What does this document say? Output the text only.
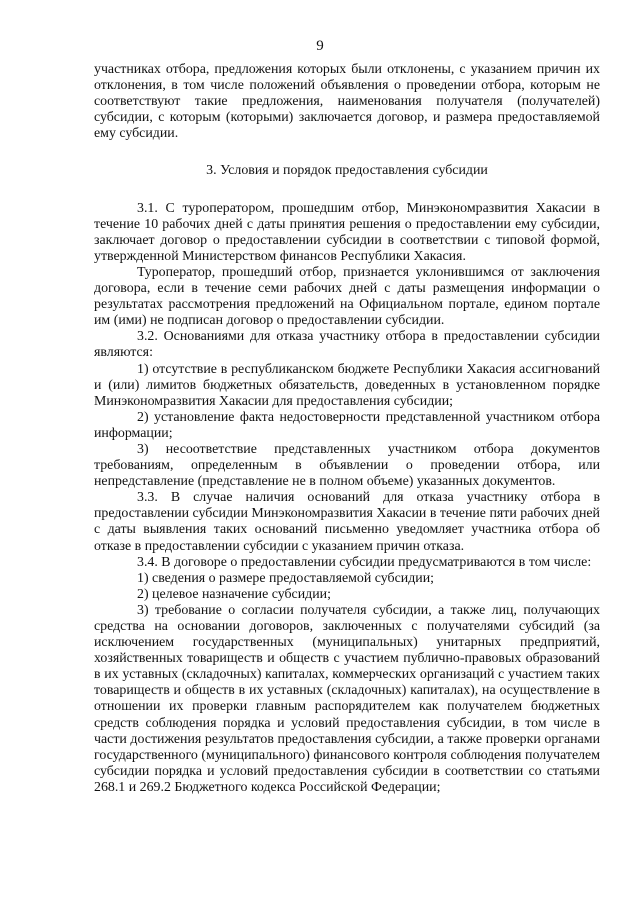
9

участниках отбора, предложения которых были отклонены, с указанием причин их отклонения, в том числе положений объявления о проведении отбора, которым не соответствуют такие предложения, наименования получателя (получателей) субсидии, с которым (которыми) заключается договор, и размера предоставляемой ему субсидии.

3. Условия и порядок предоставления субсидии

3.1. С туроператором, прошедшим отбор, Минэкономразвития Хакасии в течение 10 рабочих дней с даты принятия решения о предоставлении ему субсидии, заключает договор о предоставлении субсидии в соответствии с типовой формой, утвержденной Министерством финансов Республики Хакасия.

Туроператор, прошедший отбор, признается уклонившимся от заключения договора, если в течение семи рабочих дней с даты размещения информации о результатах рассмотрения предложений на Официальном портале, едином портале им (ими) не подписан договор о предоставлении субсидии.

3.2. Основаниями для отказа участнику отбора в предоставлении субсидии являются:

1) отсутствие в республиканском бюджете Республики Хакасия ассигнований и (или) лимитов бюджетных обязательств, доведенных в установленном порядке Минэкономразвития Хакасии для предоставления субсидии;

2) установление факта недостоверности представленной участником отбора информации;

3) несоответствие представленных участником отбора документов требованиям, определенным в объявлении о проведении отбора, или непредставление (представление не в полном объеме) указанных документов.

3.3. В случае наличия оснований для отказа участнику отбора в предоставлении субсидии Минэкономразвития Хакасии в течение пяти рабочих дней с даты выявления таких оснований письменно уведомляет участника отбора об отказе в предоставлении субсидии с указанием причин отказа.

3.4. В договоре о предоставлении субсидии предусматриваются в том числе:

1) сведения о размере предоставляемой субсидии;

2) целевое назначение субсидии;

3) требование о согласии получателя субсидии, а также лиц, получающих средства на основании договоров, заключенных с получателями субсидий (за исключением государственных (муниципальных) унитарных предприятий, хозяйственных товариществ и обществ с участием публично-правовых образований в их уставных (складочных) капиталах, коммерческих организаций с участием таких товариществ и обществ в их уставных (складочных) капиталах), на осуществление в отношении их проверки главным распорядителем как получателем бюджетных средств соблюдения порядка и условий предоставления субсидии, в том числе в части достижения результатов предоставления субсидии, а также проверки органами государственного (муниципального) финансового контроля соблюдения получателем субсидии порядка и условий предоставления субсидии в соответствии со статьями 268.1 и 269.2 Бюджетного кодекса Российской Федерации;
